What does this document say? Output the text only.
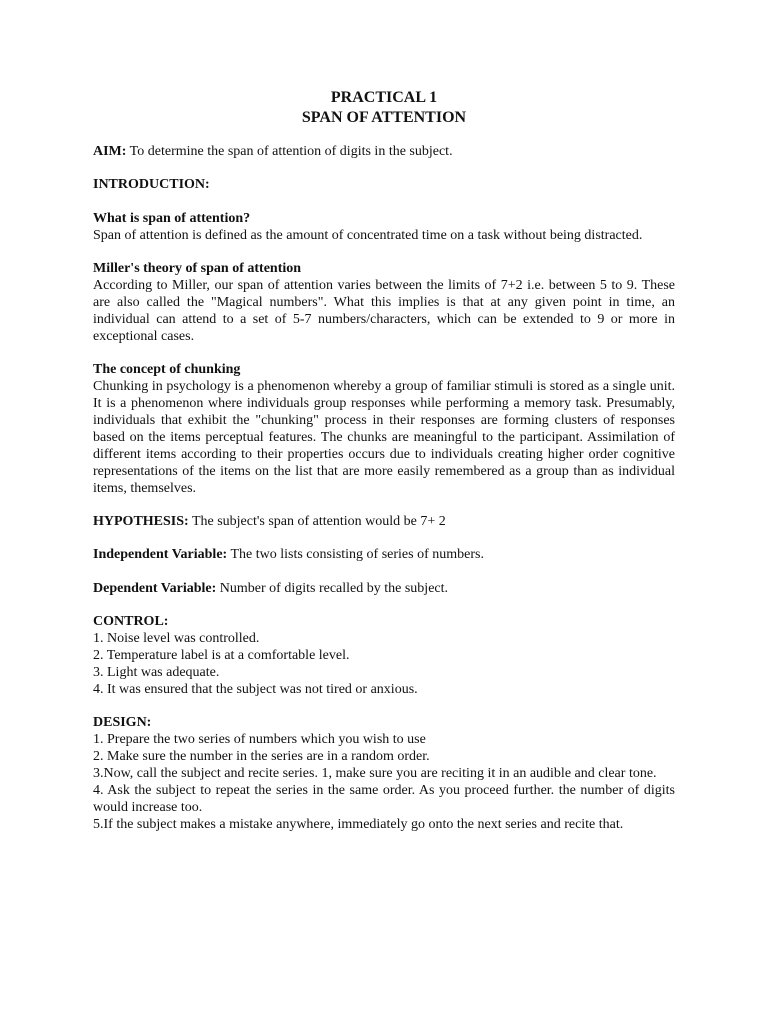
PRACTICAL 1
SPAN OF ATTENTION

AIM: To determine the span of attention of digits in the subject.

INTRODUCTION:

What is span of attention?
Span of attention is defined as the amount of concentrated time on a task without being distracted.
Miller's theory of span of attention
According to Miller, our span of attention varies between the limits of 7+2 i.e. between 5 to 9. These are also called the "Magical numbers". What this implies is that at any given point in time, an individual can attend to a set of 5-7 numbers/characters, which can be extended to 9 or more in exceptional cases.
The concept of chunking
Chunking in psychology is a phenomenon whereby a group of familiar stimuli is stored as a single unit. It is a phenomenon where individuals group responses while performing a memory task. Presumably, individuals that exhibit the "chunking" process in their responses are forming clusters of responses based on the items perceptual features. The chunks are meaningful to the participant. Assimilation of different items according to their properties occurs due to individuals creating higher order cognitive representations of the items on the list that are more easily remembered as a group than as individual items, themselves.

HYPOTHESIS: The subject's span of attention would be 7+ 2

Independent Variable: The two lists consisting of series of numbers.

Dependent Variable: Number of digits recalled by the subject.

CONTROL:
1. Noise level was controlled.
2. Temperature label is at a comfortable level.
3. Light was adequate.
4. It was ensured that the subject was not tired or anxious.
DESIGN:
1. Prepare the two series of numbers which you wish to use
2. Make sure the number in the series are in a random order.
3.Now, call the subject and recite series. 1, make sure you are reciting it in an audible and clear tone.
4. Ask the subject to repeat the series in the same order. As you proceed further. the number of digits would increase too.
5.If the subject makes a mistake anywhere, immediately go onto the next series and recite that.
